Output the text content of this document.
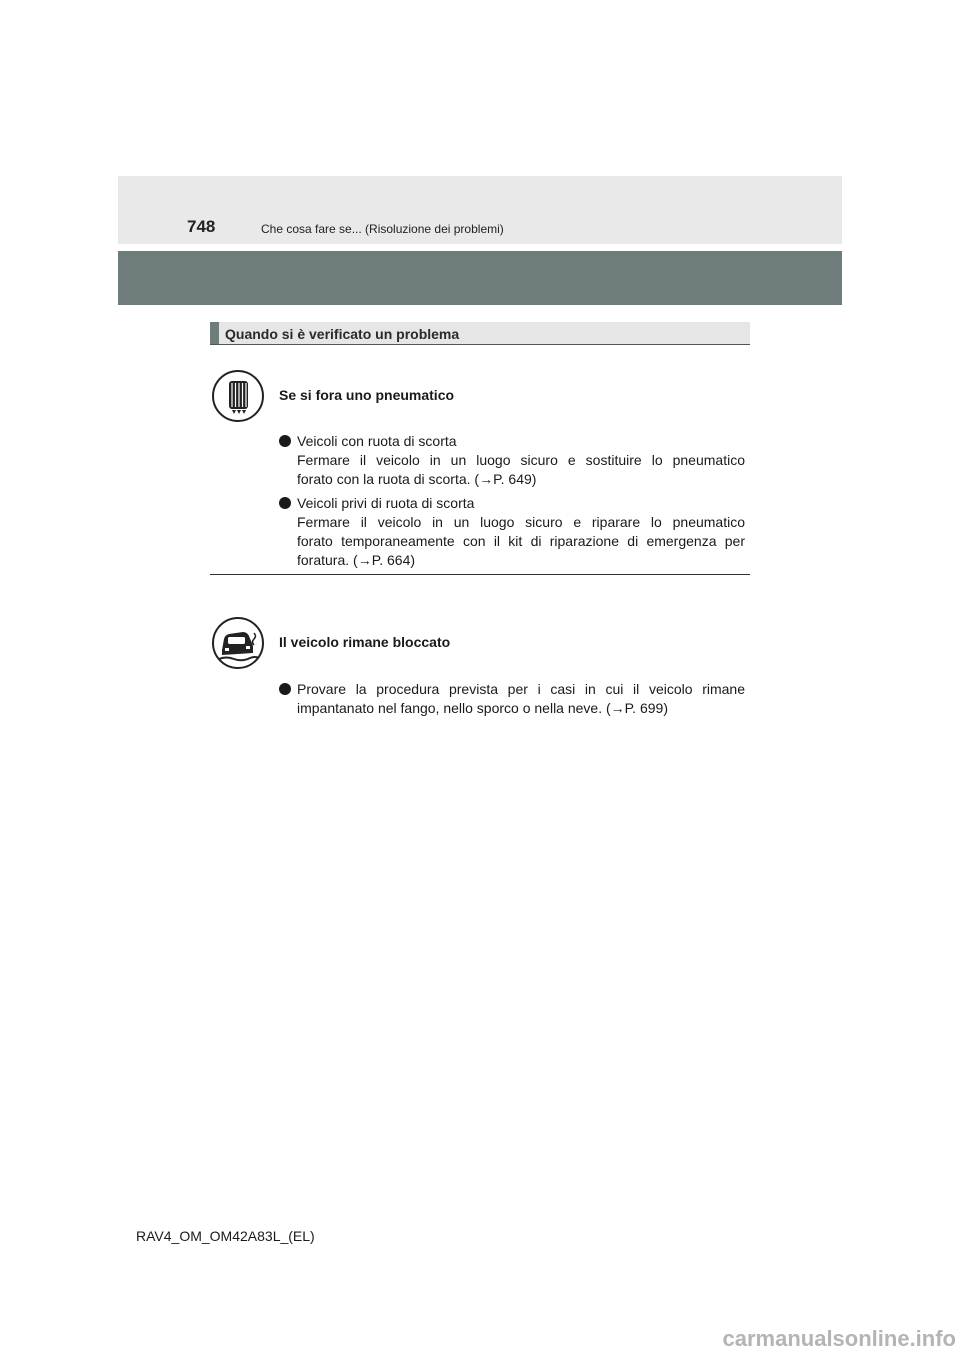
748	Che cosa fare se... (Risoluzione dei problemi)
Quando si è verificato un problema
Se si fora uno pneumatico
Veicoli con ruota di scorta
Fermare il veicolo in un luogo sicuro e sostituire lo pneumatico
forato con la ruota di scorta. (→P. 649)
Veicoli privi di ruota di scorta
Fermare il veicolo in un luogo sicuro e riparare lo pneumatico
forato temporaneamente con il kit di riparazione di emergenza per
foratura. (→P. 664)
Il veicolo rimane bloccato
Provare la procedura prevista per i casi in cui il veicolo rimane
impantanato nel fango, nello sporco o nella neve. (→P. 699)
RAV4_OM_OM42A83L_(EL)
carmanualsonline.info
